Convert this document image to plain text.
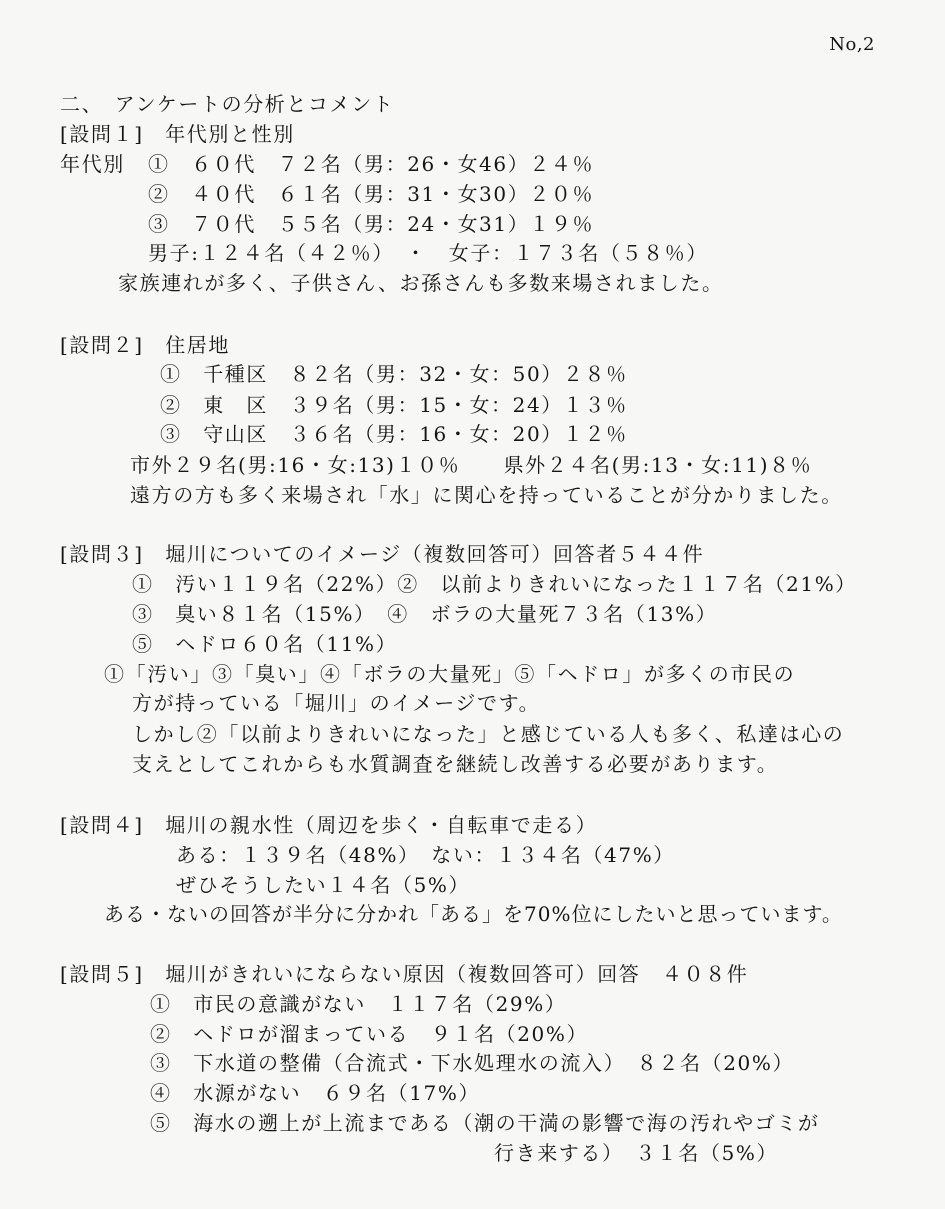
No,2
二、　アンケートの分析とコメント
[設問１]　年代別と性別
年代別 ①　６０代　７２名（男：26・女46）２４％
②　４０代　６１名（男：31・女30）２０％
③　７０代　５５名（男：24・女31）１９％
男子:１２４名（４２％）　・　女子：１７３名（５８％）
家族連れが多く、子供さん、お孫さんも多数来場されました。
[設問２]　住居地
①　千種区　８２名（男：32・女：50）２８％
②　東　区　３９名（男：15・女：24）１３％
③　守山区　３６名（男：16・女：20）１２％
市外２９名(男:16・女:13)１０％　　県外２４名(男:13・女:11)８％
遠方の方も多く来場され「水」に関心を持っていることが分かりました。
[設問３]　堀川についてのイメージ（複数回答可）回答者５４４件
①　汚い１１９名（22%）②　以前よりきれいになった１１７名（21%）
③　臭い８１名（15%）　④　ボラの大量死７３名（13%）
⑤　ヘドロ６０名（11%）
①「汚い」③「臭い」④「ボラの大量死」⑤「ヘドロ」が多くの市民の
方が持っている「堀川」のイメージです。
しかし②「以前よりきれいになった」と感じている人も多く、私達は心の
支えとしてこれからも水質調査を継続し改善する必要があります。
[設問４]　堀川の親水性（周辺を歩く・自転車で走る）
ある：１３９名（48%）　ない：１３４名（47%）
ぜひそうしたい１４名（5%）
ある・ないの回答が半分に分かれ「ある」を70%位にしたいと思っています。
[設問５]　堀川がきれいにならない原因（複数回答可）回答　４０８件
①　市民の意識がない　１１７名（29%）
②　ヘドロが溜まっている　９１名（20%）
③　下水道の整備（合流式・下水処理水の流入）　８２名（20%）
④　水源がない　６９名（17%）
⑤　海水の遡上が上流まである（潮の干満の影響で海の汚れやゴミが
行き来する）　３１名（5%）
